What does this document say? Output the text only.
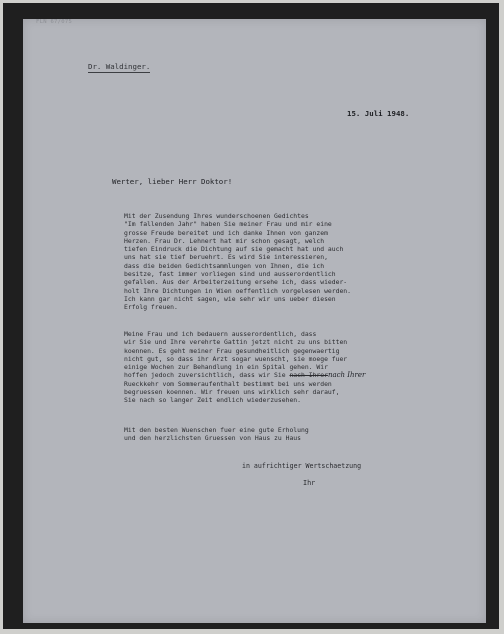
FLN 67/075
Dr. Waldinger.
15. Juli 1948.
Werter, lieber Herr Doktor!

Mit der Zusendung Ihres wunderschoenen Gedichtes
"Im fallenden Jahr" haben Sie meiner Frau und mir eine
grosse Freude bereitet und ich danke Ihnen von ganzem
Herzen. Frau Dr. Lehnert hat mir schon gesagt, welch
tiefen Eindruck die Dichtung auf sie gemacht hat und auch
uns hat sie tief beruehrt. Es wird Sie interessieren,
dass die beiden Gedichtsammlungen von Ihnen, die ich
besitze, fast immer vorliegen sind und ausserordentlich
gefallen. Aus der Arbeiterzeitung ersehe ich, dass wieder-
holt Ihre Dichtungen in Wien oeffentlich vorgelesen werden.
Ich kann gar nicht sagen, wie sehr wir uns ueber diesen
Erfolg freuen.

Meine Frau und ich bedauern ausserordentlich, dass
wir Sie und Ihre verehrte Gattin jetzt nicht zu uns bitten
koennen. Es geht meiner Frau gesundheitlich gegenwaertig
nicht gut, so dass ihr Arzt sogar wuenscht, sie moege fuer
einige Wochen zur Behandlung in ein Spital gehen. Wir
hoffen jedoch zuversichtlich, dass wir Sie nach Ihrernach Ihrer
Rueckkehr vom Sommeraufenthalt bestimmt bei uns werden
begruessen koennen. Wir freuen uns wirklich sehr darauf,
Sie nach so langer Zeit endlich wiederzusehen.

Mit den besten Wuenschen fuer eine gute Erholung
und den herzlichsten Gruessen von Haus zu Haus

in aufrichtiger Wertschaetzung
Ihr
